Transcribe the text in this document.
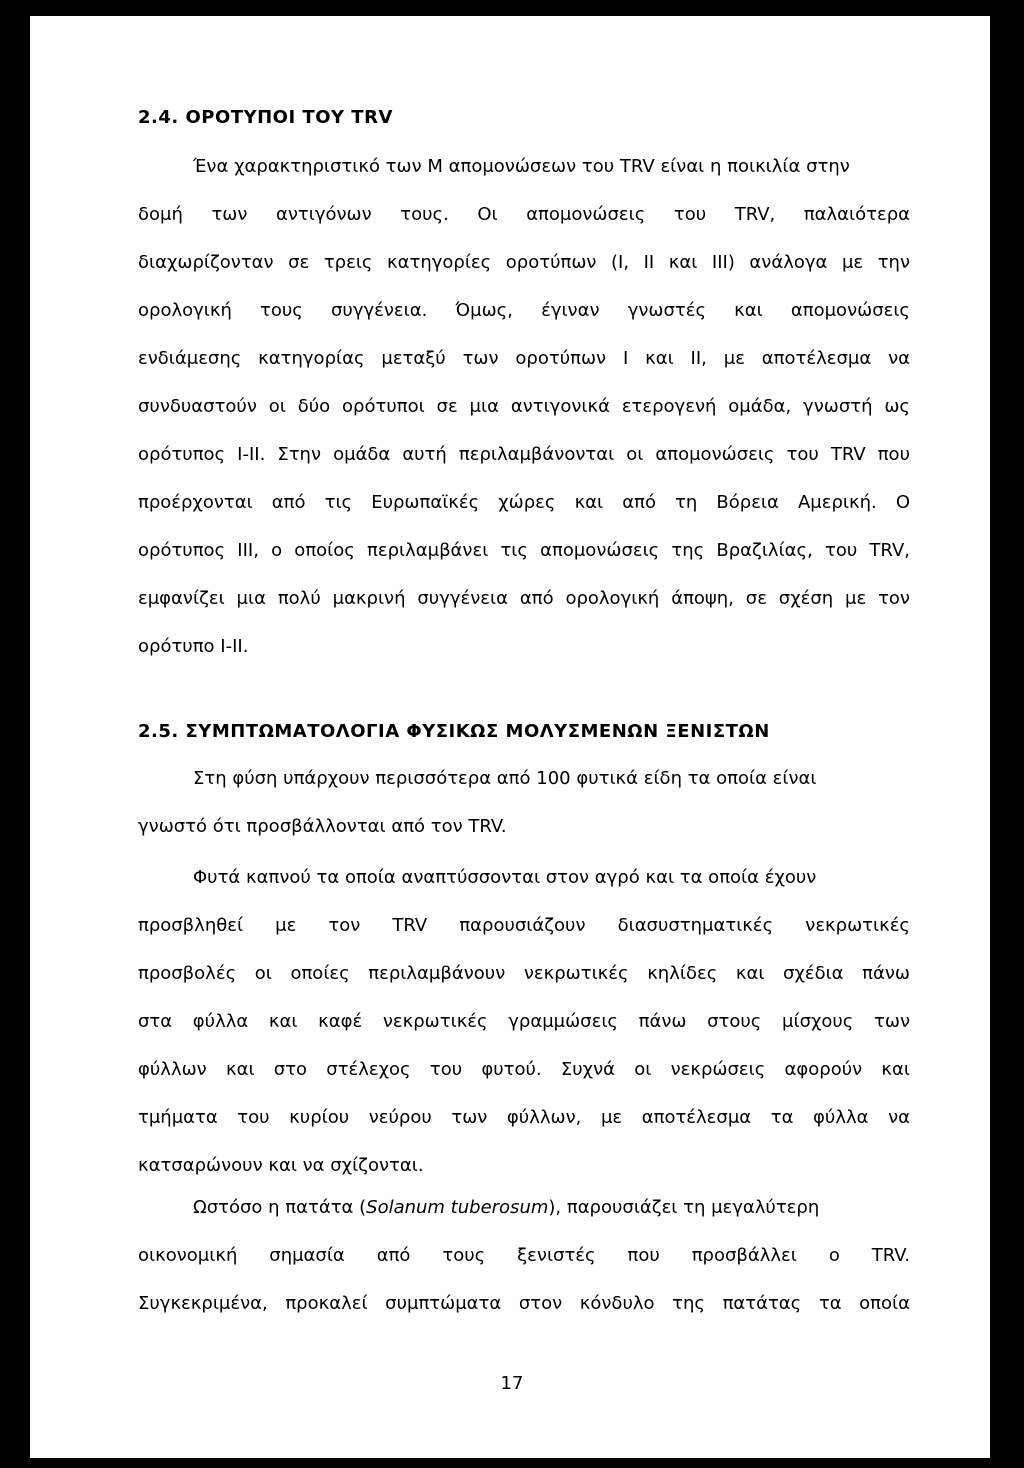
2.4. ΟΡΟΤΥΠΟΙ ΤΟΥ TRV
Ένα χαρακτηριστικό των Μ απομονώσεων του TRV είναι η ποικιλία στην
δομή των αντιγόνων τους. Οι απομονώσεις του TRV, παλαιότερα
διαχωρίζονταν σε τρεις κατηγορίες οροτύπων (I, II και III) ανάλογα με την
ορολογική τους συγγένεια. Όμως, έγιναν γνωστές και απομονώσεις
ενδιάμεσης κατηγορίας μεταξύ των οροτύπων I και II, με αποτέλεσμα να
συνδυαστούν οι δύο ορότυποι σε μια αντιγονικά ετερογενή ομάδα, γνωστή ως
ορότυπος I-II. Στην ομάδα αυτή περιλαμβάνονται οι απομονώσεις του TRV που
προέρχονται από τις Ευρωπαϊκές χώρες και από τη Βόρεια Αμερική. Ο
ορότυπος III, ο οποίος περιλαμβάνει τις απομονώσεις της Βραζιλίας, του TRV,
εμφανίζει μια πολύ μακρινή συγγένεια από ορολογική άποψη, σε σχέση με τον
ορότυπο I-II.
2.5. ΣΥΜΠΤΩΜΑΤΟΛΟΓΙΑ ΦΥΣΙΚΩΣ ΜΟΛΥΣΜΕΝΩΝ ΞΕΝΙΣΤΩΝ
Στη φύση υπάρχουν περισσότερα από 100 φυτικά είδη τα οποία είναι
γνωστό ότι προσβάλλονται από τον TRV.
Φυτά καπνού τα οποία αναπτύσσονται στον αγρό και τα οποία έχουν
προσβληθεί με τον TRV παρουσιάζουν διασυστηματικές νεκρωτικές
προσβολές οι οποίες περιλαμβάνουν νεκρωτικές κηλίδες και σχέδια πάνω
στα φύλλα και καφέ νεκρωτικές γραμμώσεις πάνω στους μίσχους των
φύλλων και στο στέλεχος του φυτού. Συχνά οι νεκρώσεις αφορούν και
τμήματα του κυρίου νεύρου των φύλλων, με αποτέλεσμα τα φύλλα να
κατσαρώνουν και να σχίζονται.
Ωστόσο η πατάτα (Solanum tuberosum), παρουσιάζει τη μεγαλύτερη
οικονομική σημασία από τους ξενιστές που προσβάλλει ο TRV.
Συγκεκριμένα, προκαλεί συμπτώματα στον κόνδυλο της πατάτας τα οποία
17
